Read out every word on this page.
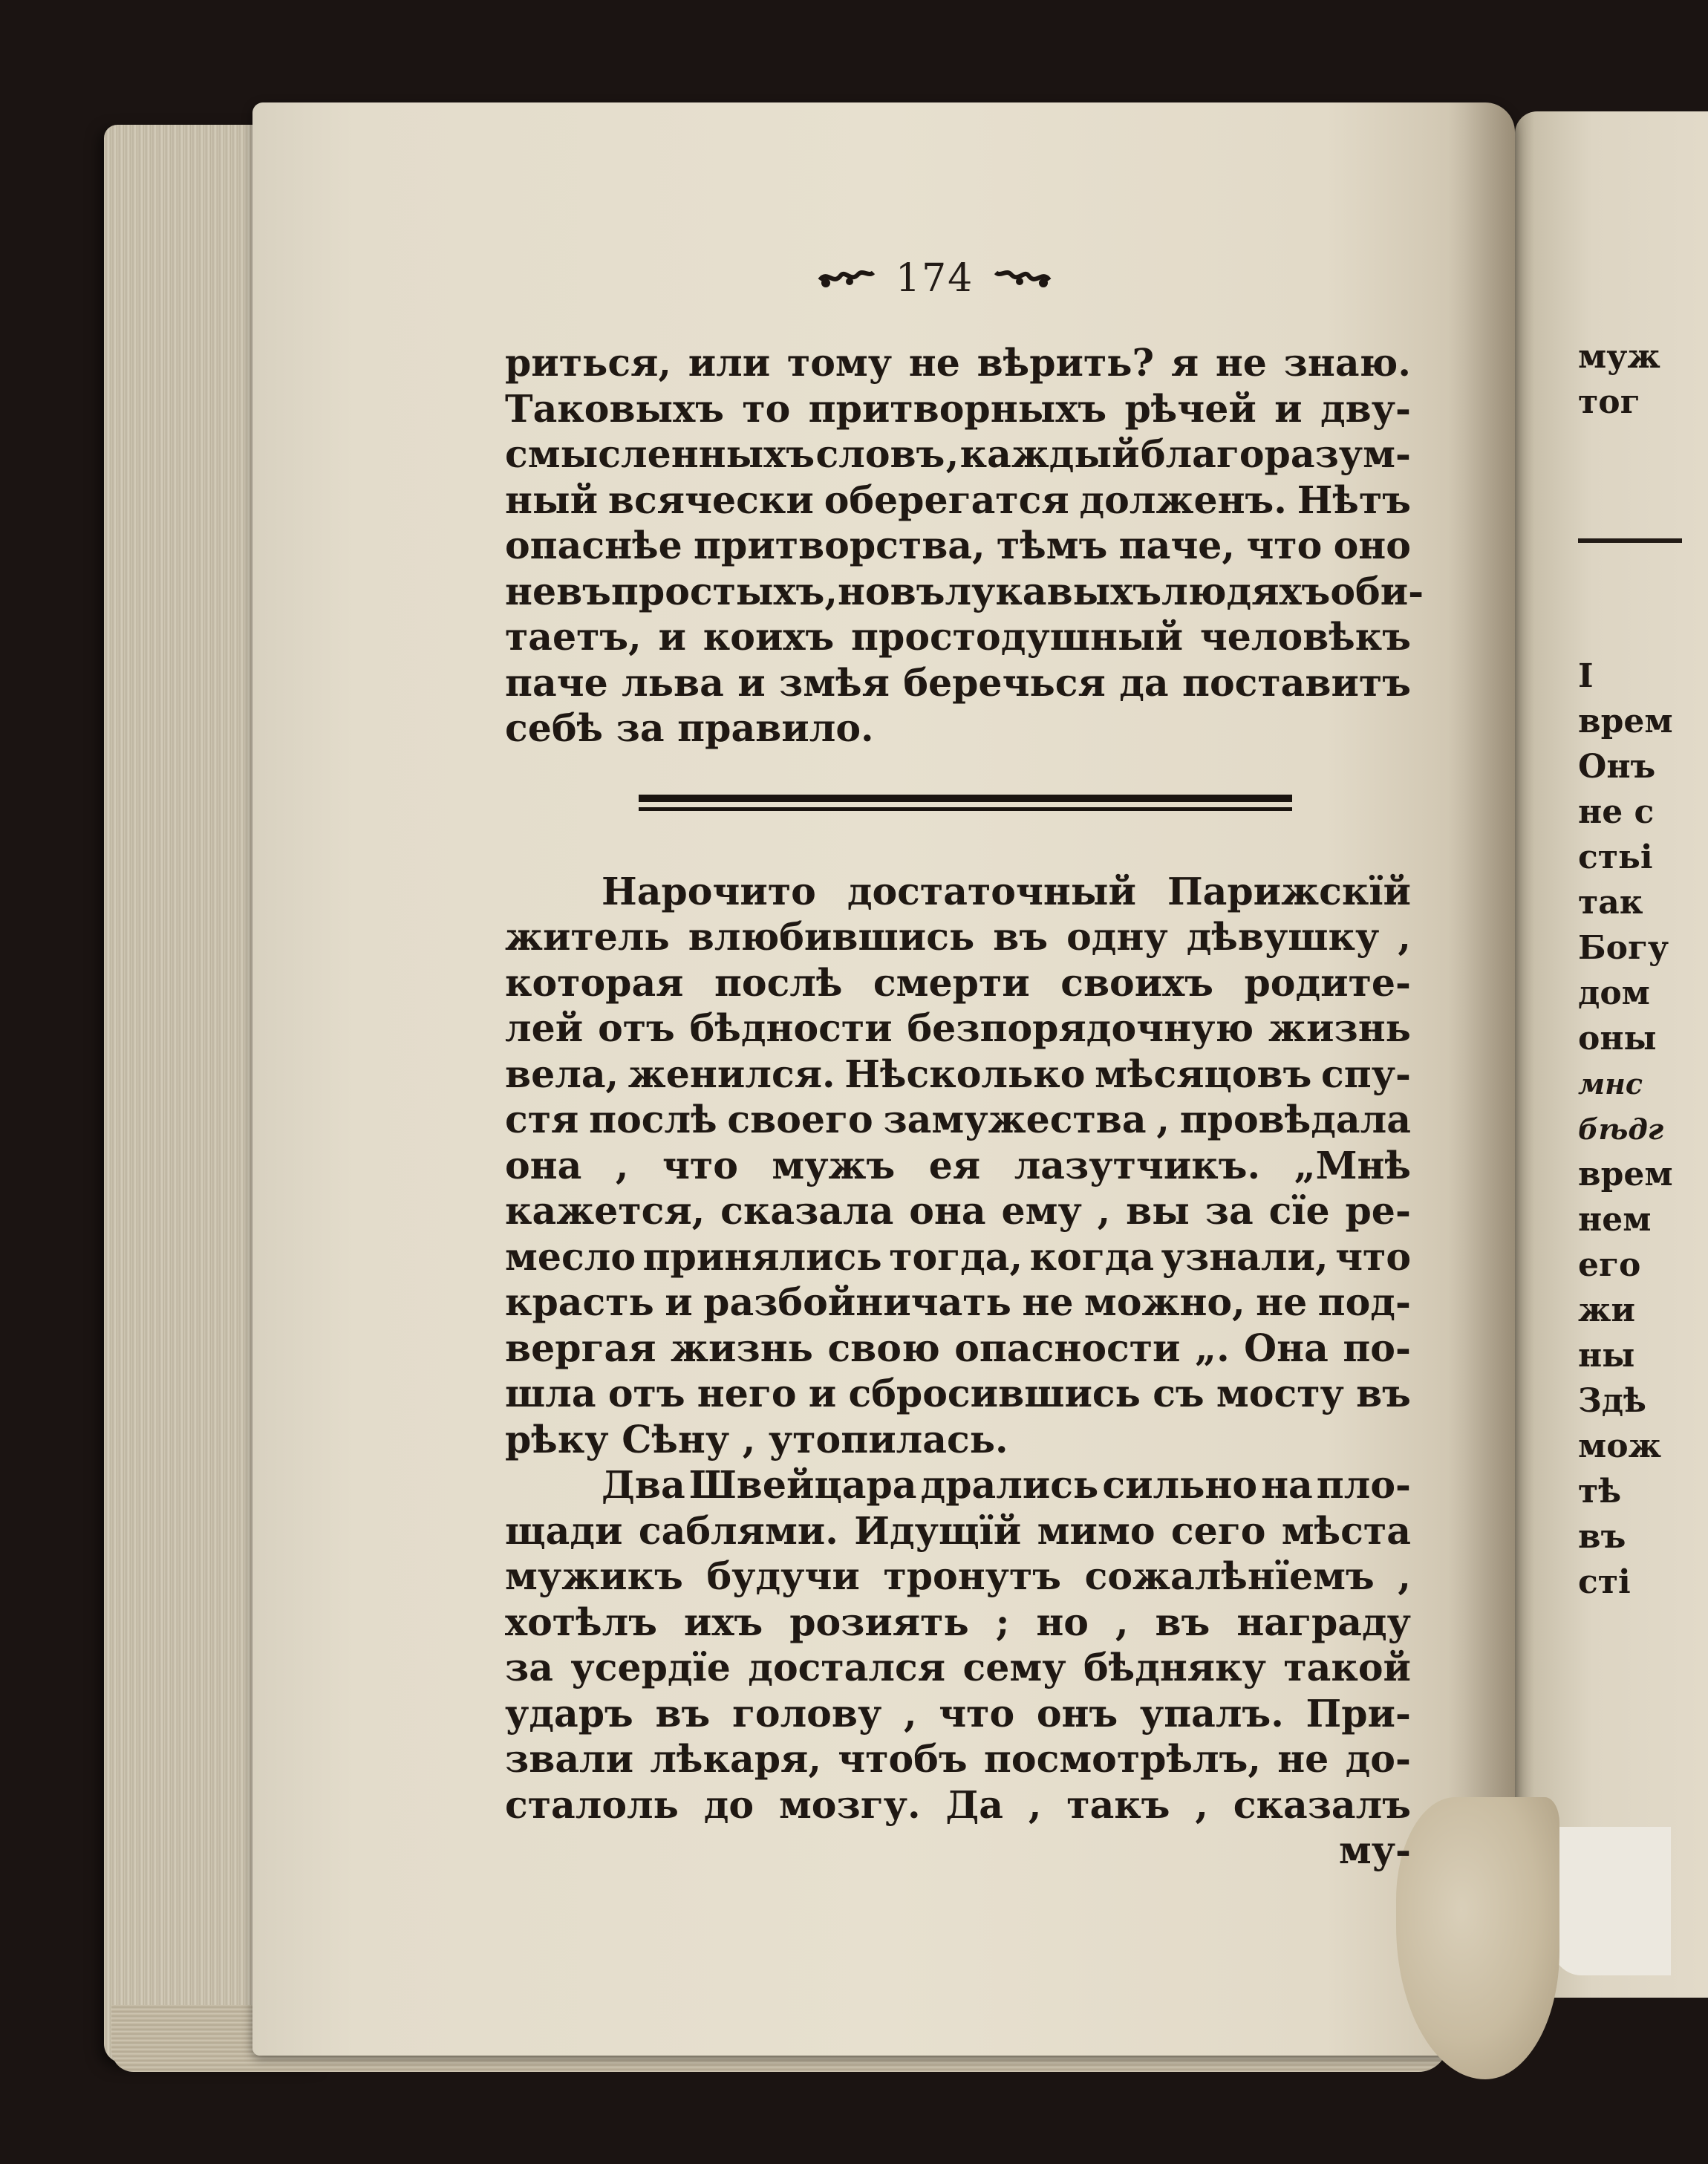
174
риться, или тому не вѣрить? я не знаю.
Таковыхъ то притворныхъ рѣчей и дву-
смысленныхъ словъ , каждый благоразум-
ный всячески оберегатся долженъ. Нѣтъ
опаснѣе притворства, тѣмъ паче, что оно
не въ простыхъ, но въ лукавыхъ людяхъ оби-
таетъ, и коихъ простодушный человѣкъ
паче льва и змѣя беречься да поставитъ
себѣ за правило.
Нарочито достаточный Парижскїй
житель влюбившись въ одну дѣвушку ,
которая послѣ смерти своихъ родите-
лей отъ бѣдности безпорядочную жизнь
вела, женился. Нѣсколько мѣсяцовъ спу-
стя послѣ своего замужества , провѣдала
она , что мужъ ея лазутчикъ. „Мнѣ
кажется, сказала она ему , вы за сїе ре-
месло принялись тогда, когда узнали, что
красть и разбойничать не можно, не под-
вергая жизнь свою опасности „. Она по-
шла отъ него и сбросившись съ мосту въ
рѣку Сѣну , утопилась.
Два Швейцара дрались сильно на пло-
щади саблями. Идущїй мимо сего мѣста
мужикъ будучи тронутъ сожалѣнїемъ ,
хотѣлъ ихъ розиять ; но , въ награду
за усердїе достался сему бѣдняку такой
ударъ въ голову , что онъ упалъ. При-
звали лѣкаря, чтобъ посмотрѣлъ, не до-
сталоль до мозгу. Да , такъ , сказалъ
му-
муж
тог
I
врем
Онъ
не с
стьі
так
Богу
дом
оны
мнс
бѣдг
врем
нем
его
жи
ны
Здѣ
мож
тѣ
въ
сті
